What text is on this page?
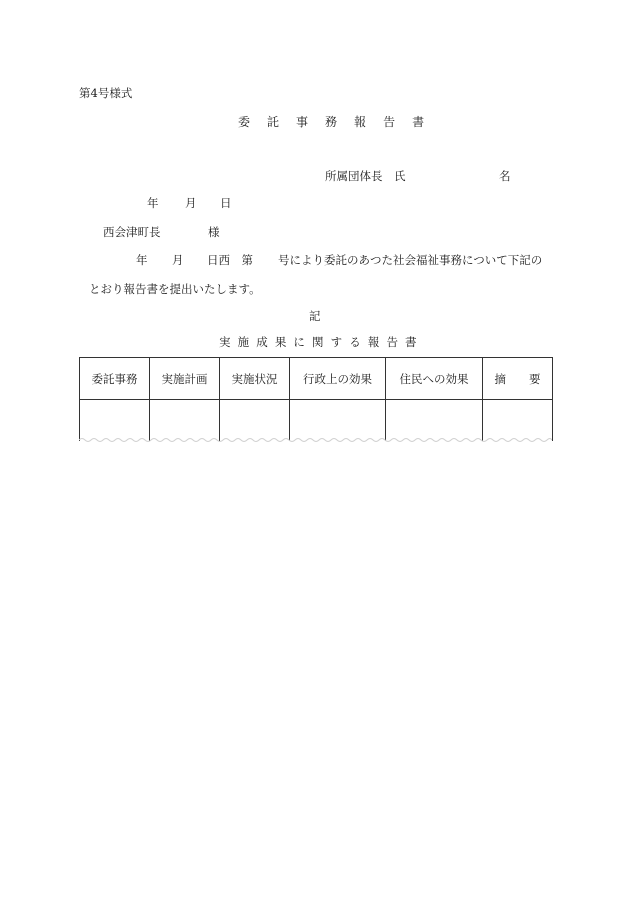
第4号様式
委 託 事 務 報 告 書
所属団体長　氏	名
年 月 日
西会津町長	様
年 月 日西　第 号により委託のあつた社会福祉事務について下記の
とおり報告書を提出いたします。
記
実 施 成 果 に 関 す る 報 告 書
委託事務	実施計画	実施状況	行政上の効果	住民への効果	摘　　要
